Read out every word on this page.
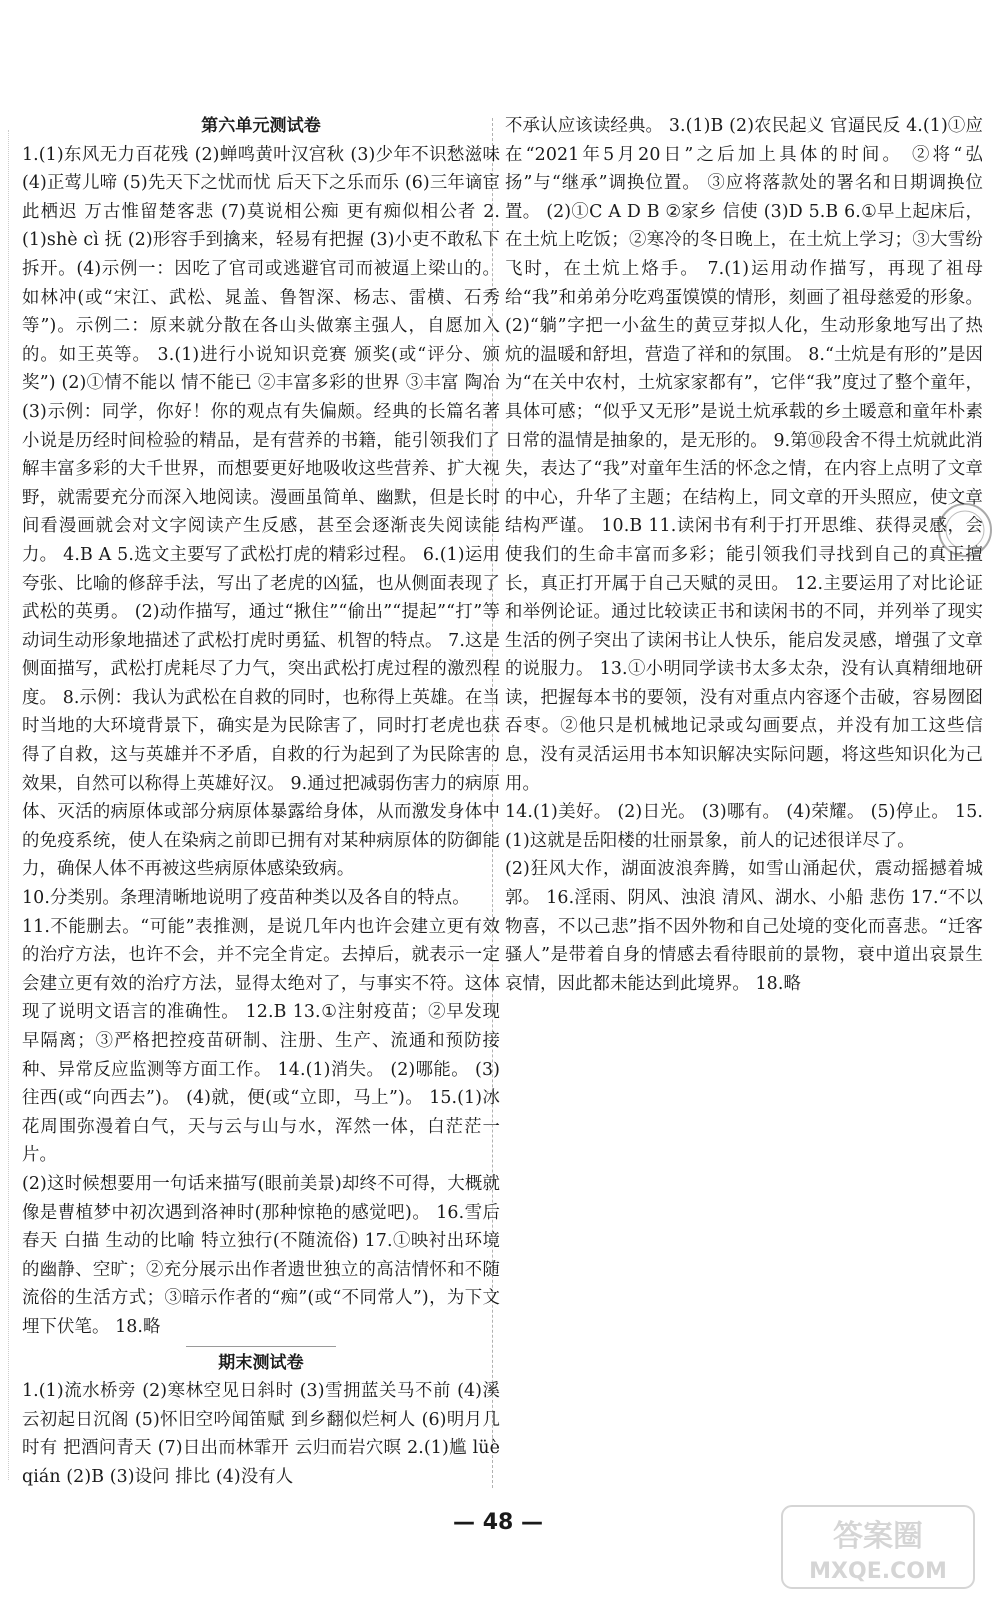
第六单元测试卷

1.(1)东风无力百花残 (2)蝉鸣黄叶汉宫秋 (3)少年不识愁滋味 (4)正莺儿啼 (5)先天下之忧而忧 后天下之乐而乐 (6)三年谪宦此栖迟 万古惟留楚客悲 (7)莫说相公痴 更有痴似相公者 2.(1)shè cì 抚 (2)形容手到擒来，轻易有把握 (3)小吏不敢私下拆开。(4)示例一：因吃了官司或逃避官司而被逼上梁山的。如林冲(或“宋江、武松、晁盖、鲁智深、杨志、雷横、石秀等”)。示例二：原来就分散在各山头做寨主强人，自愿加入的。如王英等。 3.(1)进行小说知识竞赛 颁奖(或“评分、颁奖”) (2)①情不能以 情不能已 ②丰富多彩的世界 ③丰富 陶冶 (3)示例：同学，你好！你的观点有失偏颇。经典的长篇名著小说是历经时间检验的精品，是有营养的书籍，能引领我们了解丰富多彩的大千世界，而想要更好地吸收这些营养、扩大视野，就需要充分而深入地阅读。漫画虽简单、幽默，但是长时间看漫画就会对文字阅读产生反感，甚至会逐渐丧失阅读能力。 4.B A 5.选文主要写了武松打虎的精彩过程。 6.(1)运用夸张、比喻的修辞手法，写出了老虎的凶猛，也从侧面表现了武松的英勇。 (2)动作描写，通过“揪住”“偷出”“提起”“打”等动词生动形象地描述了武松打虎时勇猛、机智的特点。 7.这是侧面描写，武松打虎耗尽了力气，突出武松打虎过程的激烈程度。 8.示例：我认为武松在自救的同时，也称得上英雄。在当时当地的大环境背景下，确实是为民除害了，同时打老虎也获得了自救，这与英雄并不矛盾，自救的行为起到了为民除害的效果，自然可以称得上英雄好汉。 9.通过把减弱伤害力的病原体、灭活的病原体或部分病原体暴露给身体，从而激发身体中的免疫系统，使人在染病之前即已拥有对某种病原体的防御能力，确保人体不再被这些病原体感染致病。

10.分类别。条理清晰地说明了疫苗种类以及各自的特点。

11.不能删去。“可能”表推测，是说几年内也许会建立更有效的治疗方法，也许不会，并不完全肯定。去掉后，就表示一定会建立更有效的治疗方法，显得太绝对了，与事实不符。这体现了说明文语言的准确性。 12.B 13.①注射疫苗；②早发现早隔离；③严格把控疫苗研制、注册、生产、流通和预防接种、异常反应监测等方面工作。 14.(1)消失。 (2)哪能。 (3)往西(或“向西去”)。 (4)就，便(或“立即，马上”)。 15.(1)冰花周围弥漫着白气，天与云与山与水，浑然一体，白茫茫一片。

(2)这时候想要用一句话来描写(眼前美景)却终不可得，大概就像是曹植梦中初次遇到洛神时(那种惊艳的感觉吧)。 16.雪后 春天 白描 生动的比喻 特立独行(不随流俗) 17.①映衬出环境的幽静、空旷；②充分展示出作者遗世独立的高洁情怀和不随流俗的生活方式；③暗示作者的“痴”(或“不同常人”)，为下文埋下伏笔。 18.略

期末测试卷

1.(1)流水桥旁 (2)寒林空见日斜时 (3)雪拥蓝关马不前 (4)溪云初起日沉阁 (5)怀旧空吟闻笛赋 到乡翻似烂柯人 (6)明月几时有 把酒问青天 (7)日出而林霏开 云归而岩穴暝 2.(1)尴 lüè qián (2)B (3)设问 排比 (4)没有人

不承认应该读经典。 3.(1)B (2)农民起义 官逼民反 4.(1)①应在“2021年5月20日”之后加上具体的时间。 ②将“弘扬”与“继承”调换位置。 ③应将落款处的署名和日期调换位置。 (2)①C A D B ②家乡 信使 (3)D 5.B 6.①早上起床后，在土炕上吃饭；②寒冷的冬日晚上，在土炕上学习；③大雪纷飞时，在土炕上烙手。 7.(1)运用动作描写，再现了祖母给“我”和弟弟分吃鸡蛋馍馍的情形，刻画了祖母慈爱的形象。 (2)“躺”字把一小盆生的黄豆芽拟人化，生动形象地写出了热炕的温暖和舒坦，营造了祥和的氛围。 8.“土炕是有形的”是因为“在关中农村，土炕家家都有”，它伴“我”度过了整个童年，具体可感；“似乎又无形”是说土炕承载的乡土暖意和童年朴素日常的温情是抽象的，是无形的。 9.第⑩段舍不得土炕就此消失，表达了“我”对童年生活的怀念之情，在内容上点明了文章的中心，升华了主题；在结构上，同文章的开头照应，使文章结构严谨。 10.B 11.读闲书有利于打开思维、获得灵感，会使我们的生命丰富而多彩；能引领我们寻找到自己的真正擅长，真正打开属于自己天赋的灵田。 12.主要运用了对比论证和举例论证。通过比较读正书和读闲书的不同，并列举了现实生活的例子突出了读闲书让人快乐，能启发灵感，增强了文章的说服力。 13.①小明同学读书太多太杂，没有认真精细地研读，把握每本书的要领，没有对重点内容逐个击破，容易囫囵吞枣。②他只是机械地记录或勾画要点，并没有加工这些信息，没有灵活运用书本知识解决实际问题，将这些知识化为己用。

14.(1)美好。 (2)日光。 (3)哪有。 (4)荣耀。 (5)停止。 15.(1)这就是岳阳楼的壮丽景象，前人的记述很详尽了。

(2)狂风大作，湖面波浪奔腾，如雪山涌起伏，震动摇撼着城郭。 16.淫雨、阴风、浊浪 清风、湖水、小船 悲伤 17.“不以物喜，不以己悲”指不因外物和自己处境的变化而喜悲。“迁客骚人”是带着自身的情感去看待眼前的景物，衰中道出哀景生哀情，因此都未能达到此境界。 18.略

— 48 —	答案圈
MXQE.COM
